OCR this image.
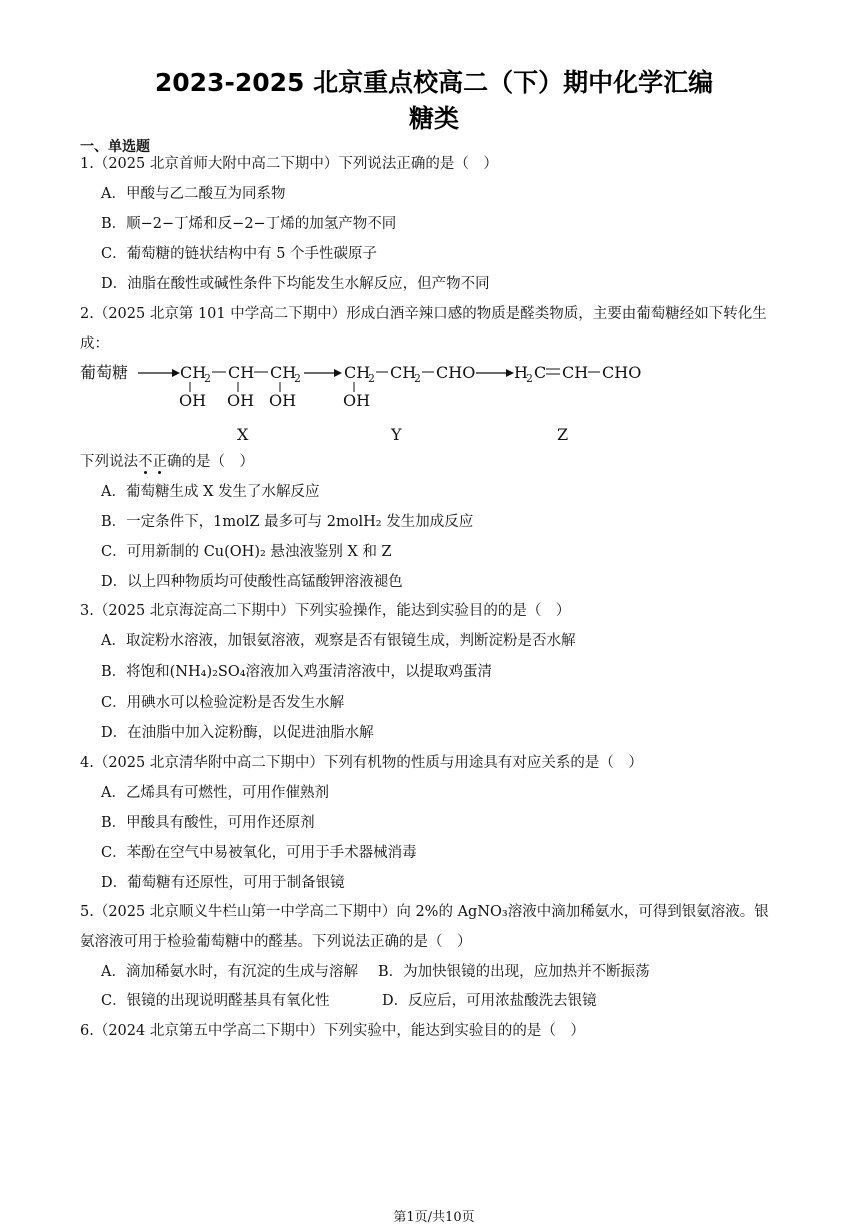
2023-2025 北京重点校高二（下）期中化学汇编
糖类
一、单选题
1.（2025 北京首师大附中高二下期中）下列说法正确的是（　）
A．甲酸与乙二酸互为同系物
B．顺−2−丁烯和反−2−丁烯的加氢产物不同
C．葡萄糖的链状结构中有 5 个手性碳原子
D．油脂在酸性或碱性条件下均能发生水解反应，但产物不同
2.（2025 北京第 101 中学高二下期中）形成白酒辛辣口感的物质是醛类物质，主要由葡萄糖经如下转化生
成：
葡萄糖	CH
2 CH CH
2
OH OH OH
CH
2 CH
2 CHO
OH
H
2 C CH CHO
X	Y	Z
下列说法不正确的是（　）
A．葡萄糖生成 X 发生了水解反应
B．一定条件下，1molZ 最多可与 2molH₂ 发生加成反应
C．可用新制的 Cu(OH)₂ 悬浊液鉴别 X 和 Z
D．以上四种物质均可使酸性高锰酸钾溶液褪色
3.（2025 北京海淀高二下期中）下列实验操作，能达到实验目的的是（　）
A．取淀粉水溶液，加银氨溶液，观察是否有银镜生成，判断淀粉是否水解
B．将饱和(NH₄)₂SO₄溶液加入鸡蛋清溶液中，以提取鸡蛋清
C．用碘水可以检验淀粉是否发生水解
D．在油脂中加入淀粉酶，以促进油脂水解
4.（2025 北京清华附中高二下期中）下列有机物的性质与用途具有对应关系的是（　）
A．乙烯具有可燃性，可用作催熟剂
B．甲酸具有酸性，可用作还原剂
C．苯酚在空气中易被氧化，可用于手术器械消毒
D．葡萄糖有还原性，可用于制备银镜
5.（2025 北京顺义牛栏山第一中学高二下期中）向 2%的 AgNO₃溶液中滴加稀氨水，可得到银氨溶液。银
氨溶液可用于检验葡萄糖中的醛基。下列说法正确的是（　）
A．滴加稀氨水时，有沉淀的生成与溶解 B．为加快银镜的出现，应加热并不断振荡
C．银镜的出现说明醛基具有氧化性	D．反应后，可用浓盐酸洗去银镜
6.（2024 北京第五中学高二下期中）下列实验中，能达到实验目的的是（　）
第1页/共10页
